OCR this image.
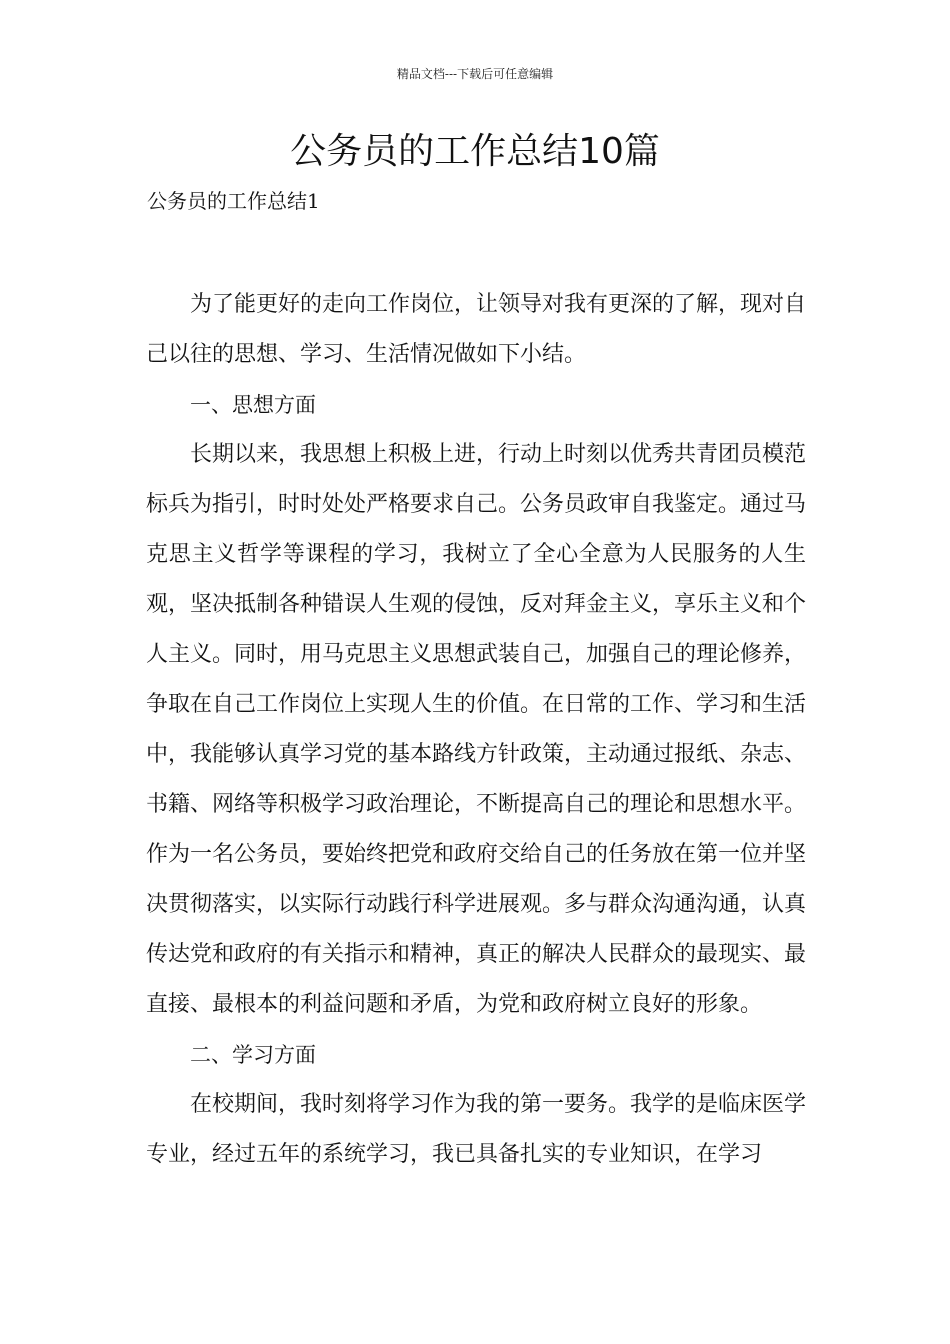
精品文档---下载后可任意编辑
公务员的工作总结10篇
公务员的工作总结1

为了能更好的走向工作岗位，让领导对我有更深的了解，现对自己以往的思想、学习、生活情况做如下小结。

一、思想方面

长期以来，我思想上积极上进，行动上时刻以优秀共青团员模范标兵为指引，时时处处严格要求自己。公务员政审自我鉴定。通过马克思主义哲学等课程的学习，我树立了全心全意为人民服务的人生观，坚决抵制各种错误人生观的侵蚀，反对拜金主义，享乐主义和个人主义。同时，用马克思主义思想武装自己，加强自己的理论修养，争取在自己工作岗位上实现人生的价值。在日常的工作、学习和生活中，我能够认真学习党的基本路线方针政策，主动通过报纸、杂志、书籍、网络等积极学习政治理论，不断提高自己的理论和思想水平。作为一名公务员，要始终把党和政府交给自己的任务放在第一位并坚决贯彻落实，以实际行动践行科学进展观。多与群众沟通沟通，认真传达党和政府的有关指示和精神，真正的解决人民群众的最现实、最直接、最根本的利益问题和矛盾，为党和政府树立良好的形象。

二、学习方面

在校期间，我时刻将学习作为我的第一要务。我学的是临床医学专业，经过五年的系统学习，我已具备扎实的专业知识，在学习
